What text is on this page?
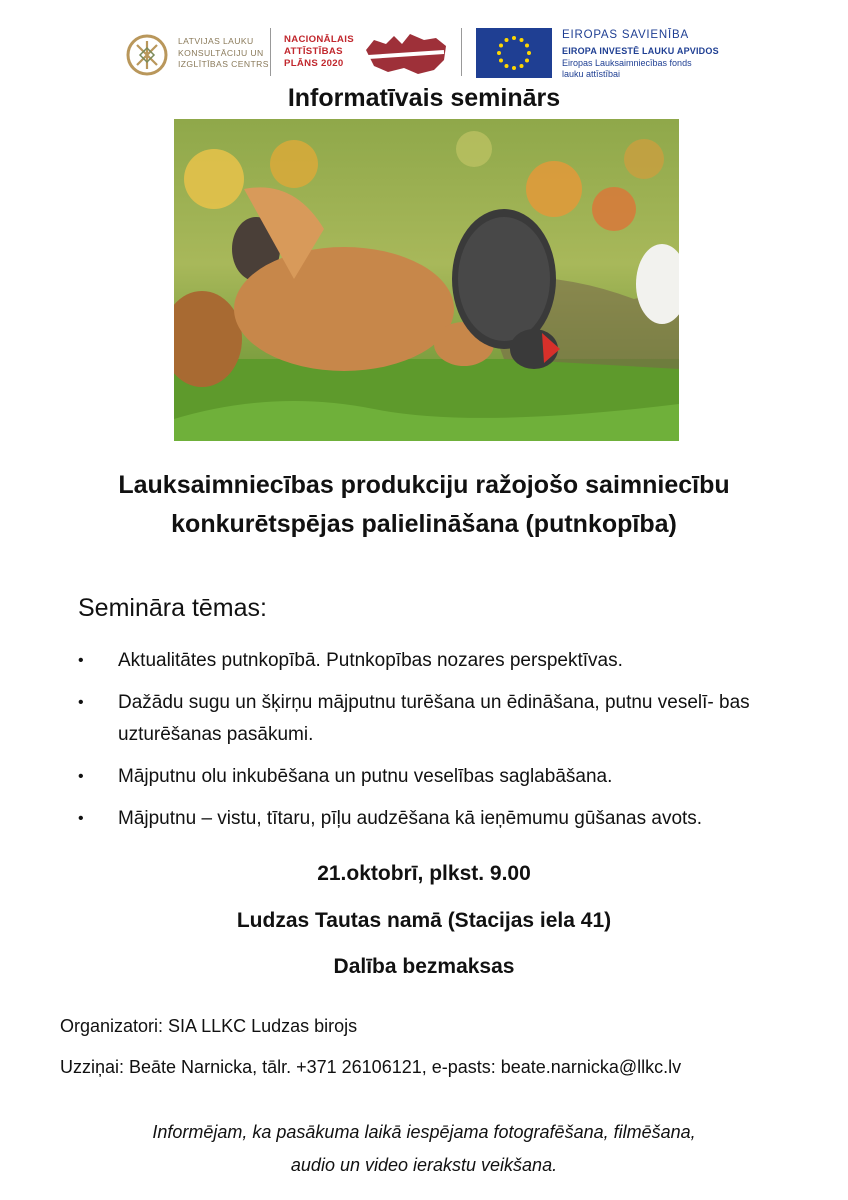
LATVIJAS LAUKU
KONSULTĀCIJU UN
IZGLĪTĪBAS CENTRS
NACIONĀLAIS
ATTĪSTĪBAS
PLĀNS 2020
EIROPAS SAVIENĪBA
EIROPA INVESTĒ LAUKU APVIDOS
Eiropas Lauksaimniecības fonds
lauku attīstībai
Informatīvais seminārs
Lauksaimniecības produkciju ražojošo saimniecību
konkurētspējas palielināšana (putnkopība)
Semināra tēmas:
• Aktualitātes putnkopībā. Putnkopības nozares perspektīvas.
• Dažādu sugu un šķirņu mājputnu turēšana un ēdināšana, putnu veselī- bas uzturēšanas pasākumi.
• Mājputnu olu inkubēšana un putnu veselības saglabāšana.
• Mājputnu – vistu, tītaru, pīļu audzēšana kā ieņēmumu gūšanas avots.
21.oktobrī, plkst. 9.00
Ludzas Tautas namā (Stacijas iela 41)
Dalība bezmaksas
Organizatori: SIA LLKC Ludzas birojs
Uzziņai: Beāte Narnicka, tālr. +371 26106121, e-pasts: beate.narnicka@llkc.lv
Informējam, ka pasākuma laikā iespējama fotografēšana, filmēšana,
audio un video ierakstu veikšana.
